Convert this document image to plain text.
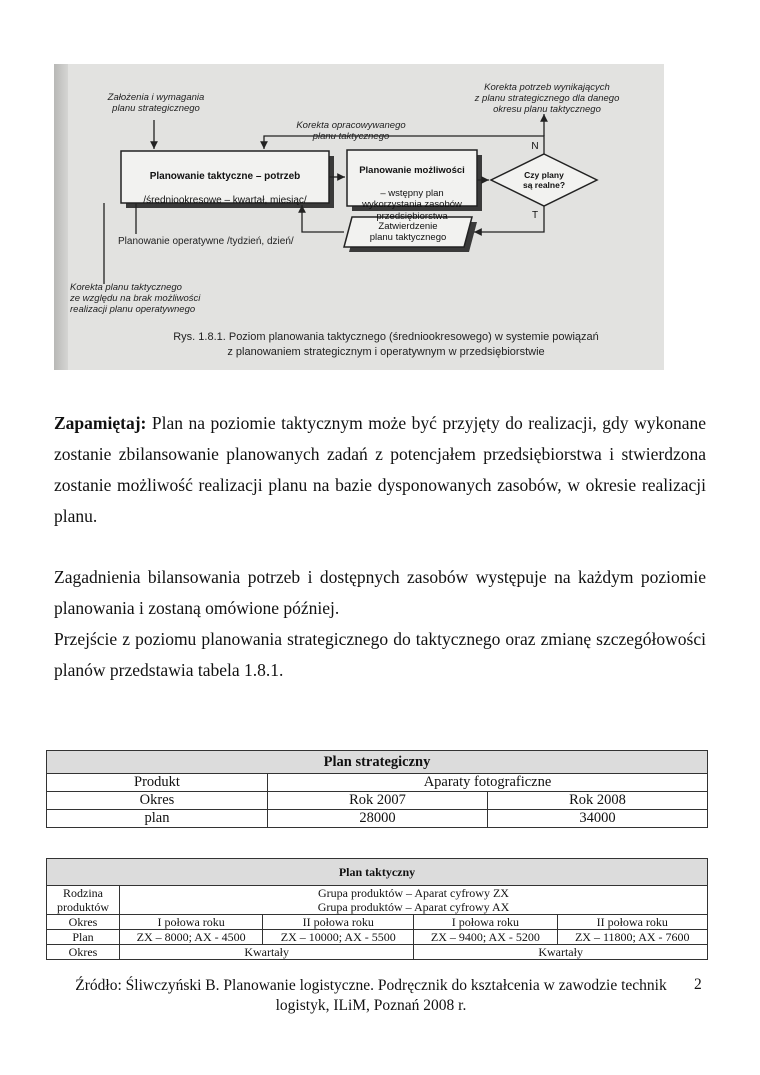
Założenia i wymagania
planu strategicznego
Korekta potrzeb wynikających
z planu strategicznego dla danego
okresu planu taktycznego
Korekta opracowywanego
planu taktycznego

Planowanie taktyczne – potrzeb

/średniookresowe – kwartał, miesiąc/

Planowanie możliwości

– wstępny plan
wykorzystania zasobów
przedsiębiorstwa

Czy plany
są realne?
N
T
Zatwierdzenie
planu taktycznego
Planowanie operatywne /tydzień, dzień/
Korekta planu taktycznego
ze względu na brak możliwości
realizacji planu operatywnego
Rys. 1.8.1. Poziom planowania taktycznego (średniookresowego) w systemie powiązań
z planowaniem strategicznym i operatywnym w przedsiębiorstwie
Zapamiętaj: Plan na poziomie taktycznym może być przyjęty do realizacji, gdy wykonane zostanie zbilansowanie planowanych zadań z potencjałem przedsiębiorstwa i stwierdzona zostanie możliwość realizacji planu na bazie dysponowanych zasobów, w okresie realizacji planu.
Zagadnienia bilansowania potrzeb i dostępnych zasobów występuje na każdym poziomie planowania i zostaną omówione później.
Przejście z poziomu planowania strategicznego do taktycznego oraz zmianę szczegółowości planów przedstawia tabela 1.8.1.
Plan strategiczny		
Produkt	Aparaty fotograficzne	
Okres	Rok 2007	Rok 2008
plan	28000	34000
Plan taktyczny				
Rodzina
produktów	Grupa produktów – Aparat cyfrowy ZX
Grupa produktów – Aparat cyfrowy AX			
Okres	I połowa roku	II połowa roku	I połowa roku	II połowa roku
Plan	ZX – 8000; AX - 4500	ZX – 10000; AX - 5500	ZX – 9400; AX - 5200	ZX – 11800; AX - 7600
Okres	Kwartały		Kwartały	
Źródło: Śliwczyński B. Planowanie logistyczne. Podręcznik do kształcenia w zawodzie technik logistyk, ILiM, Poznań 2008 r.
2
